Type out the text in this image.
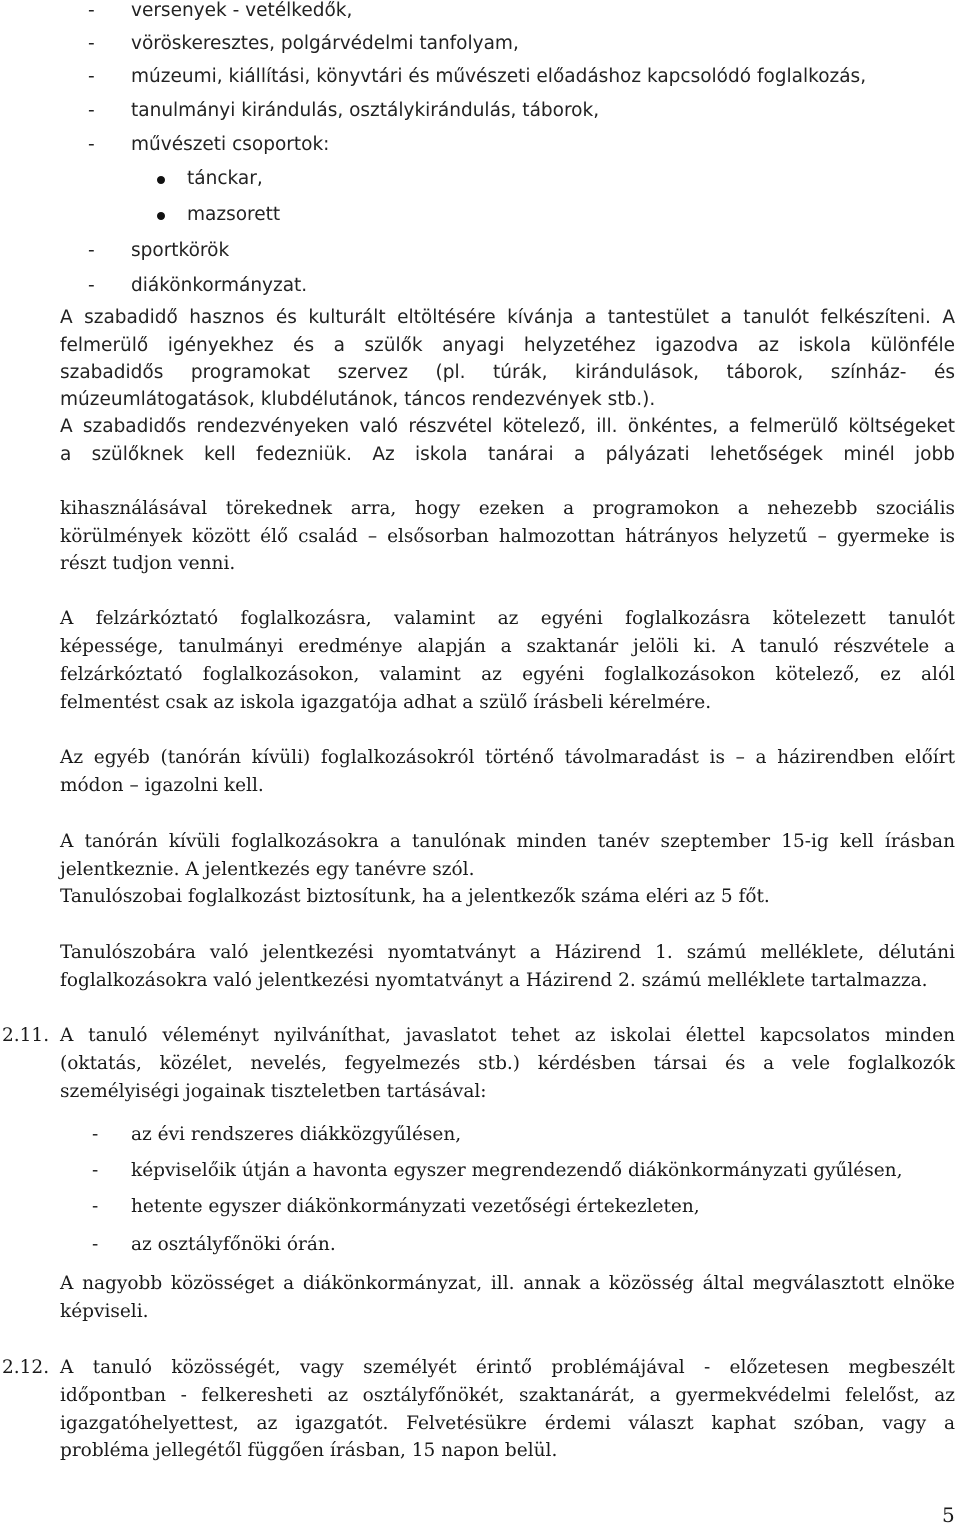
- versenyek - vetélkedők,
- vöröskeresztes, polgárvédelmi tanfolyam,
- múzeumi, kiállítási, könyvtári és művészeti előadáshoz kapcsolódó foglalkozás,
- tanulmányi kirándulás, osztálykirándulás, táborok,
- művészeti csoportok:
tánckar,
mazsorett
- sportkörök
- diákönkormányzat.
A szabadidő hasznos és kulturált eltöltésére kívánja a tantestület a tanulót felkészíteni. A
felmerülő igényekhez és a szülők anyagi helyzetéhez igazodva az iskola különféle
szabadidős programokat szervez (pl. túrák, kirándulások, táborok, színház- és
múzeumlátogatások, klubdélutánok, táncos rendezvények stb.).
A szabadidős rendezvényeken való részvétel kötelező, ill. önkéntes, a felmerülő költségeket
a szülőknek kell fedezniük. Az iskola tanárai a pályázati lehetőségek minél jobb
kihasználásával törekednek arra, hogy ezeken a programokon a nehezebb szociális
körülmények között élő család – elsősorban halmozottan hátrányos helyzetű – gyermeke is
részt tudjon venni.
A felzárkóztató foglalkozásra, valamint az egyéni foglalkozásra kötelezett tanulót
képessége, tanulmányi eredménye alapján a szaktanár jelöli ki. A tanuló részvétele a
felzárkóztató foglalkozásokon, valamint az egyéni foglalkozásokon kötelező, ez alól
felmentést csak az iskola igazgatója adhat a szülő írásbeli kérelmére.
Az egyéb (tanórán kívüli) foglalkozásokról történő távolmaradást is – a házirendben előírt
módon – igazolni kell.
A tanórán kívüli foglalkozásokra a tanulónak minden tanév szeptember 15-ig kell írásban
jelentkeznie. A jelentkezés egy tanévre szól.
Tanulószobai foglalkozást biztosítunk, ha a jelentkezők száma eléri az 5 főt.
Tanulószobára való jelentkezési nyomtatványt a Házirend 1. számú melléklete, délutáni
foglalkozásokra való jelentkezési nyomtatványt a Házirend 2. számú melléklete tartalmazza.
2.11. A tanuló véleményt nyilváníthat, javaslatot tehet az iskolai élettel kapcsolatos minden
(oktatás, közélet, nevelés, fegyelmezés stb.) kérdésben társai és a vele foglalkozók
személyiségi jogainak tiszteletben tartásával:
- az évi rendszeres diákközgyűlésen,
- képviselőik útján a havonta egyszer megrendezendő diákönkormányzati gyűlésen,
- hetente egyszer diákönkormányzati vezetőségi értekezleten,
- az osztályfőnöki órán.
A nagyobb közösséget a diákönkormányzat, ill. annak a közösség által megválasztott elnöke
képviseli.
2.12. A tanuló közösségét, vagy személyét érintő problémájával - előzetesen megbeszélt
időpontban - felkeresheti az osztályfőnökét, szaktanárát, a gyermekvédelmi felelőst, az
igazgatóhelyettest, az igazgatót. Felvetésükre érdemi választ kaphat szóban, vagy a
probléma jellegétől függően írásban, 15 napon belül.
5
